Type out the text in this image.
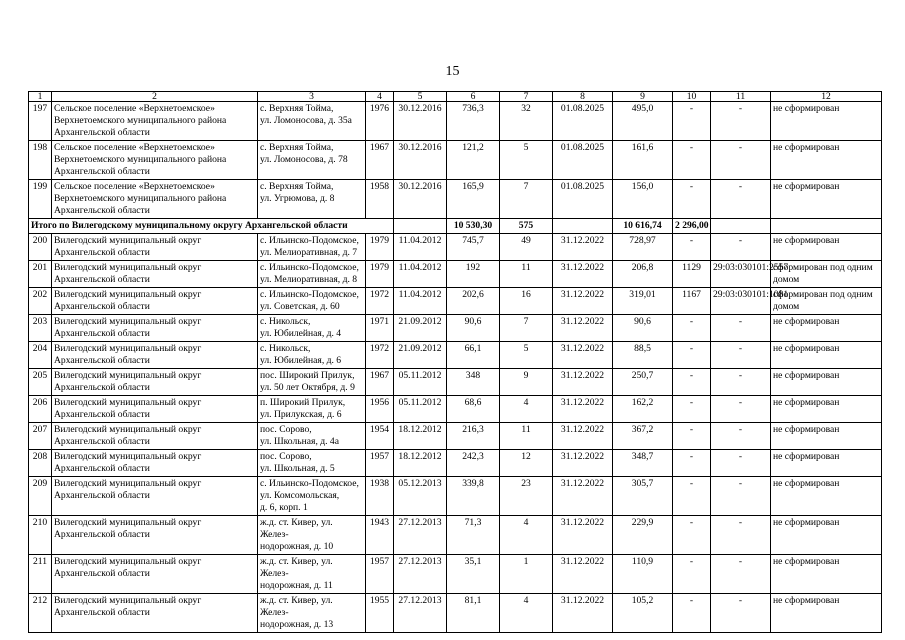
15
1	2	3	4	5	6	7	8	9	10	11	12
197	Сельское поселение «Верхнетоемское» Верхнетоемского муниципального района Архангельской области	с. Верхняя Тойма,
ул. Ломоносова, д. 35а	1976	30.12.2016	736,3	32	01.08.2025	495,0	-	-	не сформирован
198	Сельское поселение «Верхнетоемское» Верхнетоемского муниципального района Архангельской области	с. Верхняя Тойма,
ул. Ломоносова, д. 78	1967	30.12.2016	121,2	5	01.08.2025	161,6	-	-	не сформирован
199	Сельское поселение «Верхнетоемское» Верхнетоемского муниципального района Архангельской области	с. Верхняя Тойма,
ул. Угрюмова, д. 8	1958	30.12.2016	165,9	7	01.08.2025	156,0	-	-	не сформирован
Итого по Вилегодскому муниципальному округу Архангельской области					10 530,30	575		10 616,74	2 296,00		
200	Вилегодский муниципальный округ Архангельской области	с. Ильинско-Подомское,
ул. Мелиоративная, д. 7	1979	11.04.2012	745,7	49	31.12.2022	728,97	-	-	не сформирован
201	Вилегодский муниципальный округ Архангельской области	с. Ильинско-Подомское,
ул. Мелиоративная, д. 8	1979	11.04.2012	192	11	31.12.2022	206,8	1129	29:03:030101:2557	сформирован под одним домом
202	Вилегодский муниципальный округ Архангельской области	с. Ильинско-Подомское,
ул. Советская, д. 60	1972	11.04.2012	202,6	16	31.12.2022	319,01	1167	29:03:030101:1081	сформирован под одним домом
203	Вилегодский муниципальный округ Архангельской области	с. Никольск,
ул. Юбилейная, д. 4	1971	21.09.2012	90,6	7	31.12.2022	90,6	-	-	не сформирован
204	Вилегодский муниципальный округ Архангельской области	с. Никольск,
ул. Юбилейная, д. 6	1972	21.09.2012	66,1	5	31.12.2022	88,5	-	-	не сформирован
205	Вилегодский муниципальный округ Архангельской области	пос. Широкий Прилук,
ул. 50 лет Октября, д. 9	1967	05.11.2012	348	9	31.12.2022	250,7	-	-	не сформирован
206	Вилегодский муниципальный округ Архангельской области	п. Широкий Прилук,
ул. Прилукская, д. 6	1956	05.11.2012	68,6	4	31.12.2022	162,2	-	-	не сформирован
207	Вилегодский муниципальный округ Архангельской области	пос. Сорово,
ул. Школьная, д. 4а	1954	18.12.2012	216,3	11	31.12.2022	367,2	-	-	не сформирован
208	Вилегодский муниципальный округ Архангельской области	пос. Сорово,
ул. Школьная, д. 5	1957	18.12.2012	242,3	12	31.12.2022	348,7	-	-	не сформирован
209	Вилегодский муниципальный округ Архангельской области	с. Ильинско-Подомское,
ул. Комсомольская,
д. 6, корп. 1	1938	05.12.2013	339,8	23	31.12.2022	305,7	-	-	не сформирован
210	Вилегодский муниципальный округ Архангельской области	ж.д. ст. Кивер, ул. Желез-
нодорожная, д. 10	1943	27.12.2013	71,3	4	31.12.2022	229,9	-	-	не сформирован
211	Вилегодский муниципальный округ Архангельской области	ж.д. ст. Кивер, ул. Желез-
нодорожная, д. 11	1957	27.12.2013	35,1	1	31.12.2022	110,9	-	-	не сформирован
212	Вилегодский муниципальный округ Архангельской области	ж.д. ст. Кивер, ул. Желез-
нодорожная, д. 13	1955	27.12.2013	81,1	4	31.12.2022	105,2	-	-	не сформирован
